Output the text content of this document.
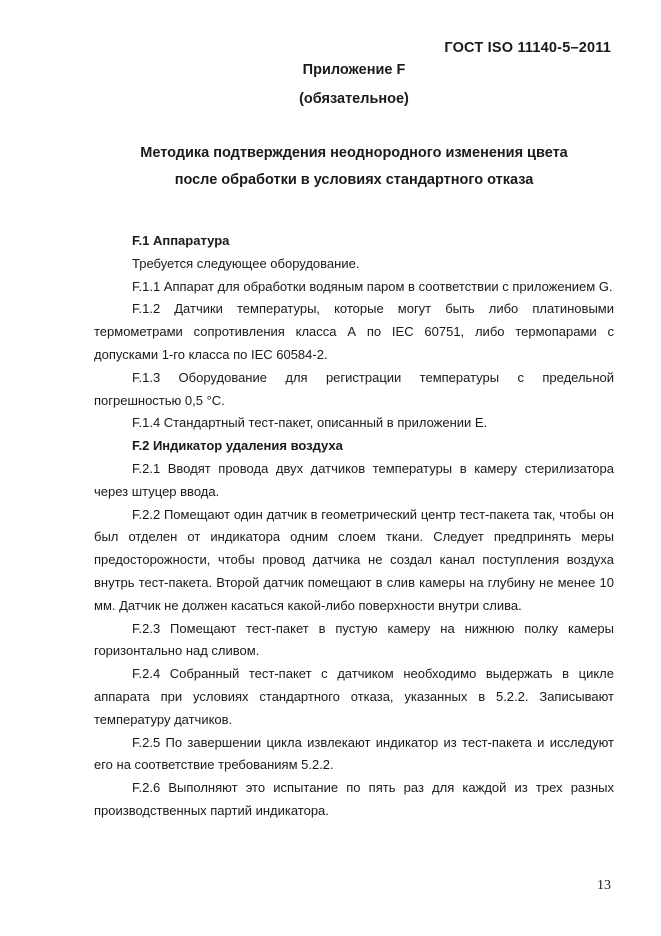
ГОСТ ISO 11140-5–2011
Приложение F
(обязательное)
Методика подтверждения неоднородного изменения цвета
после обработки в условиях стандартного отказа

F.1 Аппаратура

Требуется следующее оборудование.

F.1.1 Аппарат для обработки водяным паром в соответствии с приложением G.

F.1.2 Датчики температуры, которые могут быть либо платиновыми термометрами сопротивления класса А по IEC 60751, либо термопарами с допусками 1-го класса по IEC 60584-2.

F.1.3 Оборудование для регистрации температуры с предельной погрешностью 0,5 °С.

F.1.4 Стандартный тест-пакет, описанный в приложении Е.

F.2 Индикатор удаления воздуха

F.2.1 Вводят провода двух датчиков температуры в камеру стерилизатора через штуцер ввода.

F.2.2 Помещают один датчик в геометрический центр тест-пакета так, чтобы он был отделен от индикатора одним слоем ткани. Следует предпринять меры предосторожности, чтобы провод датчика не создал канал поступления воздуха внутрь тест-пакета. Второй датчик помещают в слив камеры на глубину не менее 10 мм. Датчик не должен касаться какой-либо поверхности внутри слива.

F.2.3 Помещают тест-пакет в пустую камеру на нижнюю полку камеры горизонтально над сливом.

F.2.4 Собранный тест-пакет с датчиком необходимо выдержать в цикле аппарата при условиях стандартного отказа, указанных в 5.2.2. Записывают температуру датчиков.

F.2.5 По завершении цикла извлекают индикатор из тест-пакета и исследуют его на соответствие требованиям 5.2.2.

F.2.6 Выполняют это испытание по пять раз для каждой из трех разных производственных партий индикатора.

13
